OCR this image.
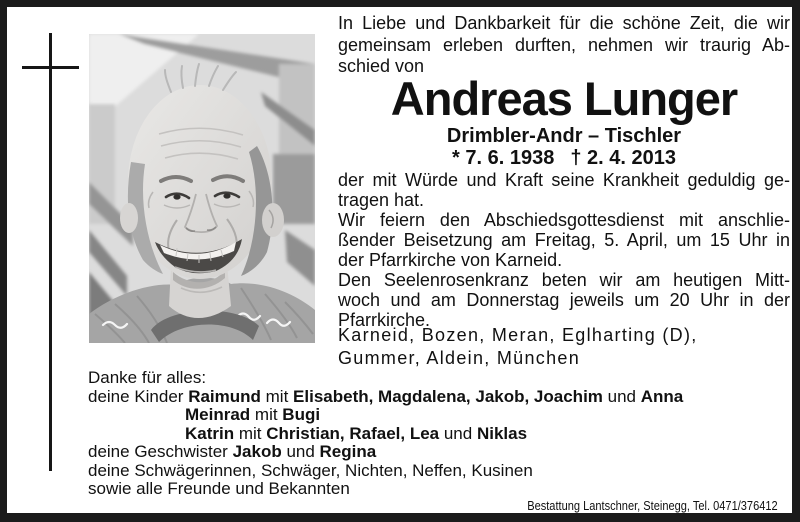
In Liebe und Dankbarkeit für die schöne Zeit, die wir
gemeinsam erleben durften, nehmen wir traurig Ab-
schied von
Andreas Lunger
Drimbler-Andr – Tischler
* 7. 6. 1938 † 2. 4. 2013
der mit Würde und Kraft seine Krankheit geduldig ge-
tragen hat.
Wir feiern den Abschiedsgottesdienst mit anschlie-
ßender Beisetzung am Freitag, 5. April, um 15 Uhr in
der Pfarrkirche von Karneid.
Den Seelenrosenkranz beten wir am heutigen Mitt-
woch und am Donnerstag jeweils um 20 Uhr in der
Pfarrkirche.
Karneid, Bozen, Meran, Eglharting (D),
Gummer, Aldein, München
Danke für alles:
deine Kinder Raimund mit Elisabeth, Magdalena, Jakob, Joachim und Anna
Meinrad mit Bugi
Katrin mit Christian, Rafael, Lea und Niklas
deine Geschwister Jakob und Regina
deine Schwägerinnen, Schwäger, Nichten, Neffen, Kusinen
sowie alle Freunde und Bekannten
Bestattung Lantschner, Steinegg, Tel. 0471/376412
